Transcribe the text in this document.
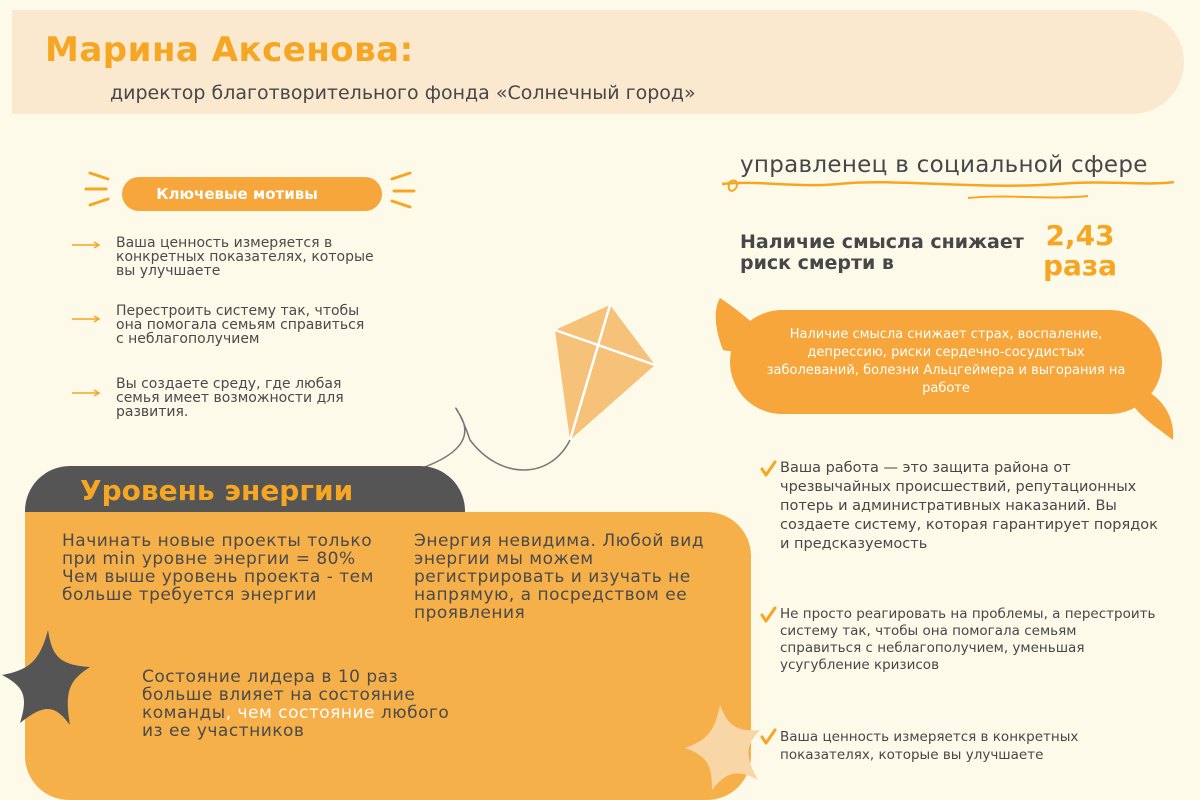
Марина Аксенова:
директор благотворительного фонда «Солнечный город»
Ключевые мотивы
Ваша ценность измеряется в конкретных показателях, которые вы улучшаете
Перестроить систему так, чтобы она помогала семьям справиться с неблагополучием
Вы создаете среду, где любая семья имеет возможности для развития.
управленец в социальной сфере
Наличие смысла снижает риск смерти в
2,43
раза
Наличие смысла снижает страх, воспаление, депрессию, риски сердечно-сосудистых заболеваний, болезни Альцгеймера и выгорания на работе
Ваша работа — это защита района от чрезвычайных происшествий, репутационных потерь и административных наказаний. Вы создаете систему, которая гарантирует порядок и предсказуемость
Не просто реагировать на проблемы, а перестроить систему так, чтобы она помогала семьям справиться с неблагополучием, уменьшая усугубление кризисов
Ваша ценность измеряется в конкретных показателях, которые вы улучшаете
Уровень энергии
Начинать новые проекты только при min уровне энергии = 80%
Чем выше уровень проекта - тем больше требуется энергии
Энергия невидима. Любой вид энергии мы можем регистрировать и изучать не напрямую, а посредством ее проявления
Состояние лидера в 10 раз больше влияет на состояние команды, чем состояние любого из ее участников
